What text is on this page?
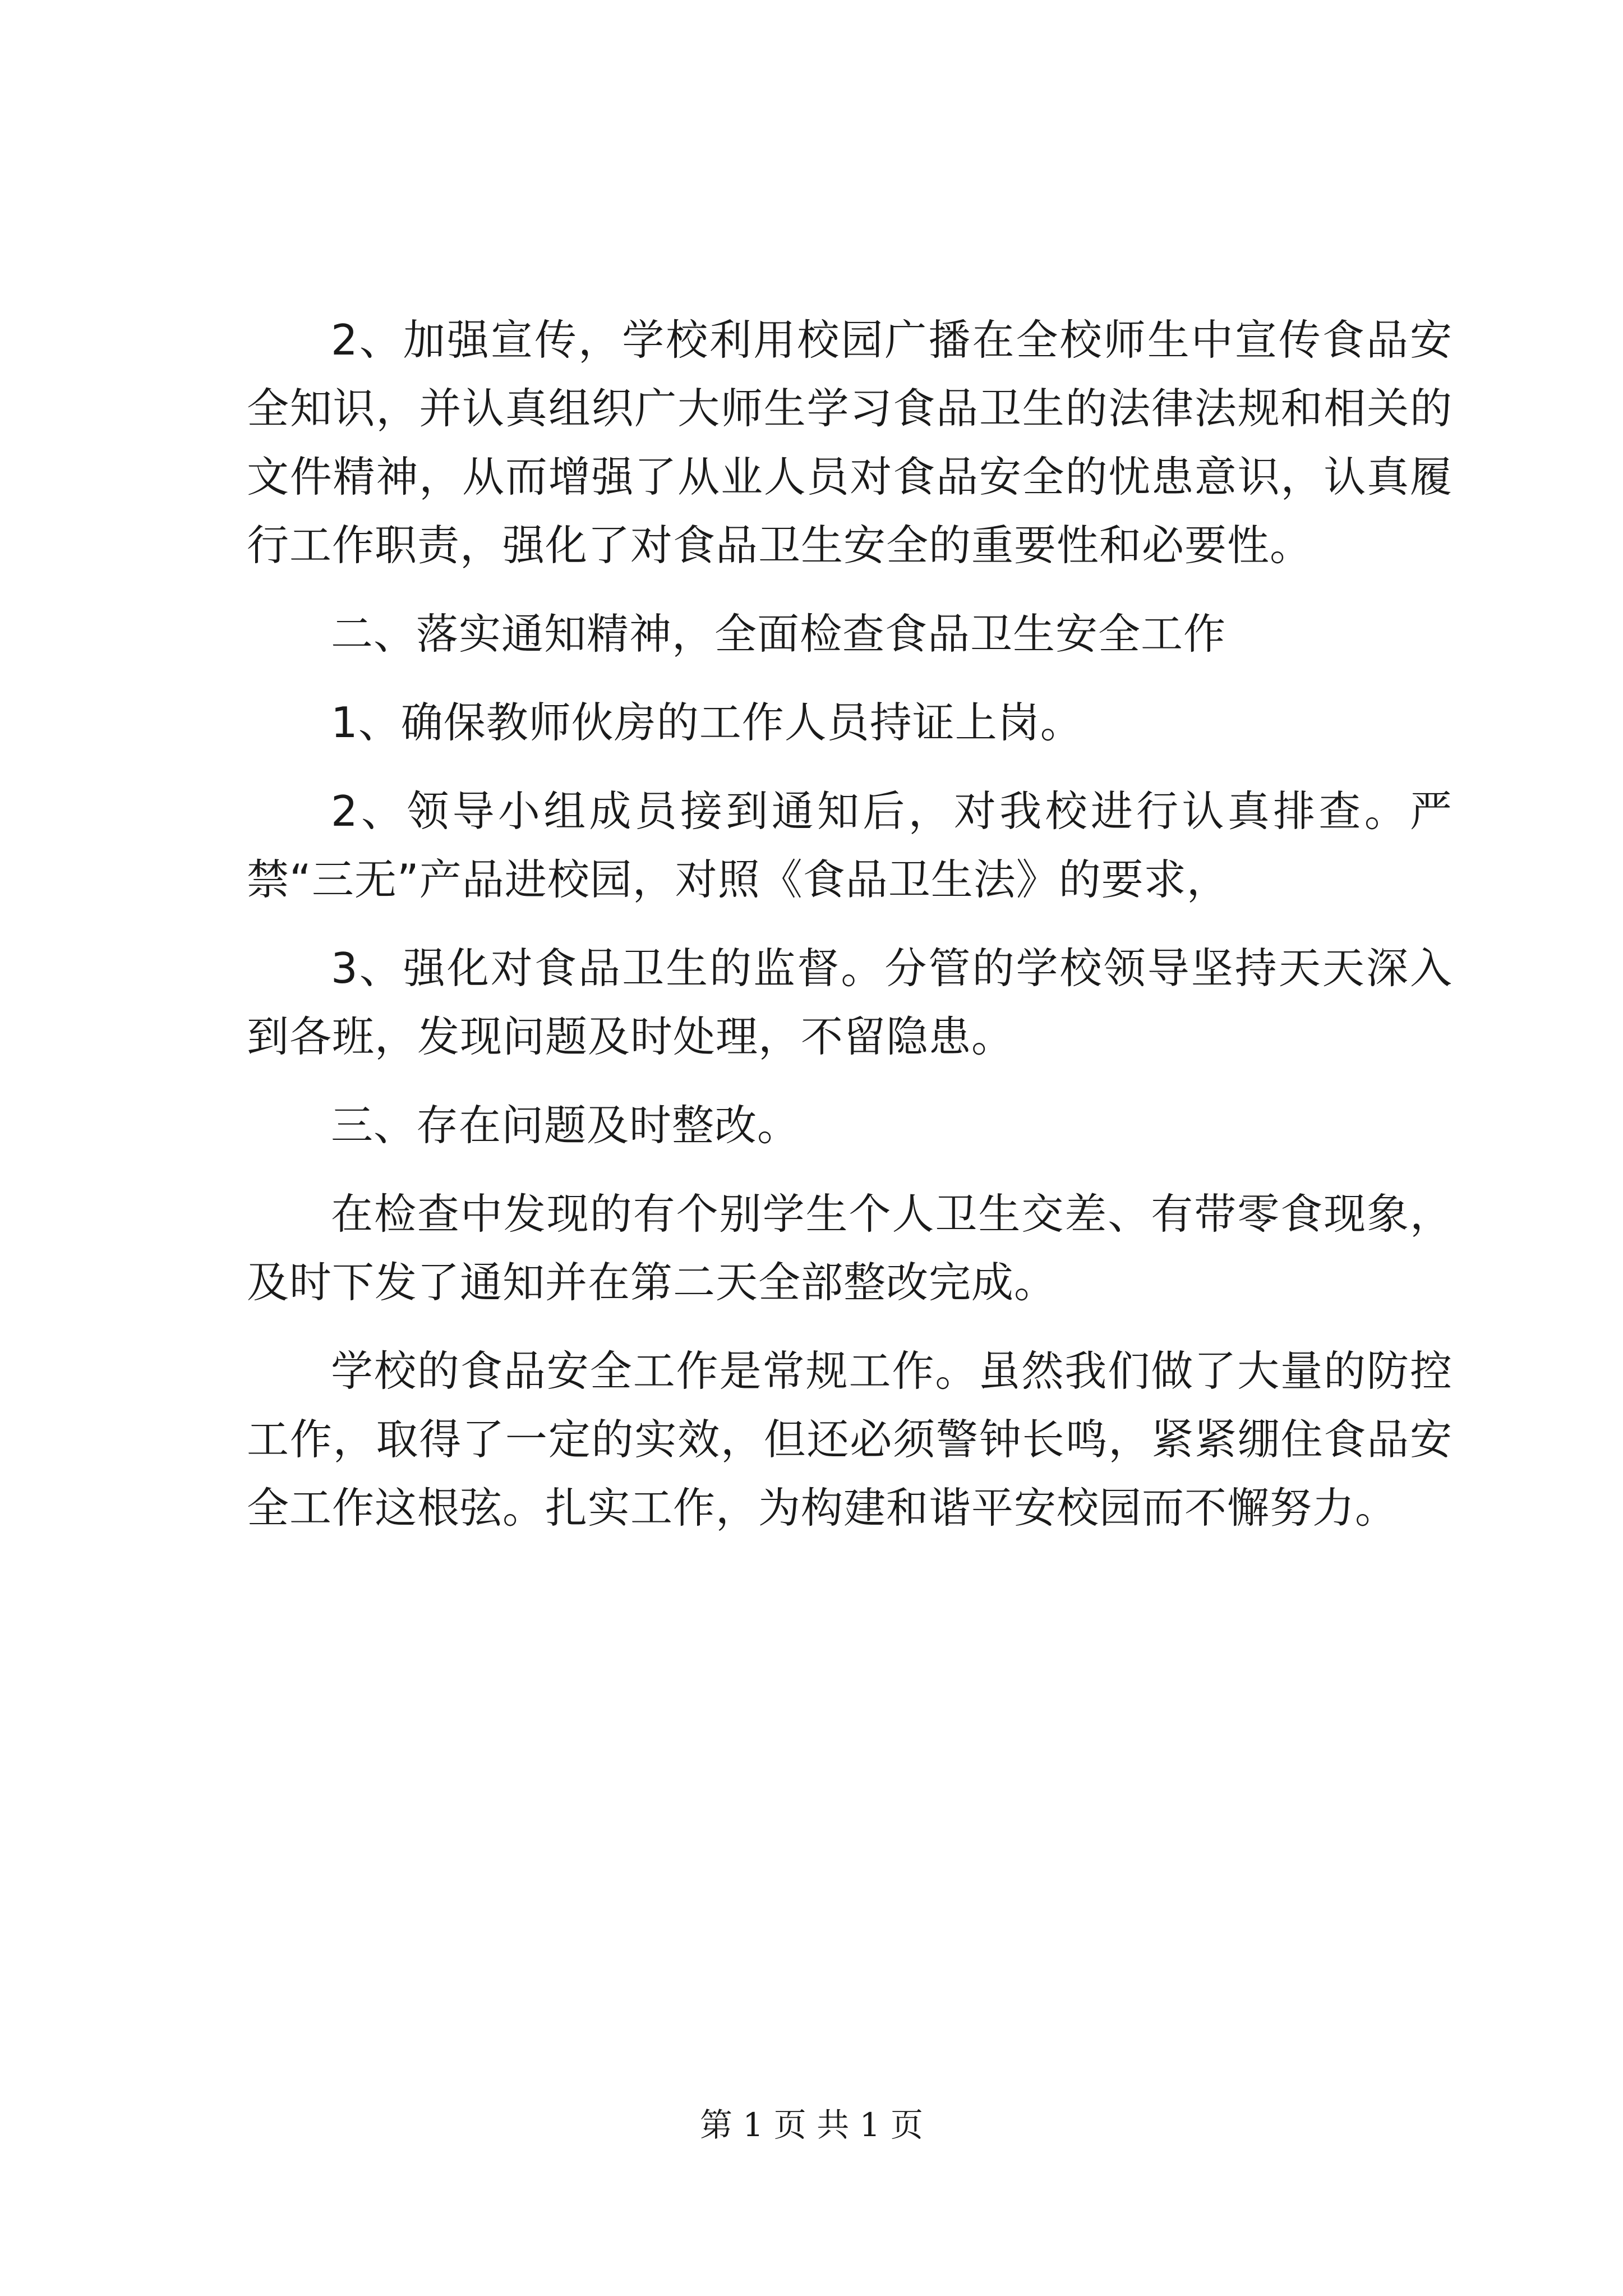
2、加强宣传，学校利用校园广播在全校师生中宣传食品安全知识，并认真组织广大师生学习食品卫生的法律法规和相关的文件精神，从而增强了从业人员对食品安全的忧患意识，认真履行工作职责，强化了对食品卫生安全的重要性和必要性。

二、落实通知精神，全面检查食品卫生安全工作

1、确保教师伙房的工作人员持证上岗。

2、领导小组成员接到通知后，对我校进行认真排查。严禁“三无”产品进校园，对照《食品卫生法》的要求，

3、强化对食品卫生的监督。分管的学校领导坚持天天深入到各班，发现问题及时处理，不留隐患。

三、存在问题及时整改。

在检查中发现的有个别学生个人卫生交差、有带零食现象，及时下发了通知并在第二天全部整改完成。

学校的食品安全工作是常规工作。虽然我们做了大量的防控工作，取得了一定的实效，但还必须警钟长鸣，紧紧绷住食品安全工作这根弦。扎实工作，为构建和谐平安校园而不懈努力。

第 1 页 共 1 页
